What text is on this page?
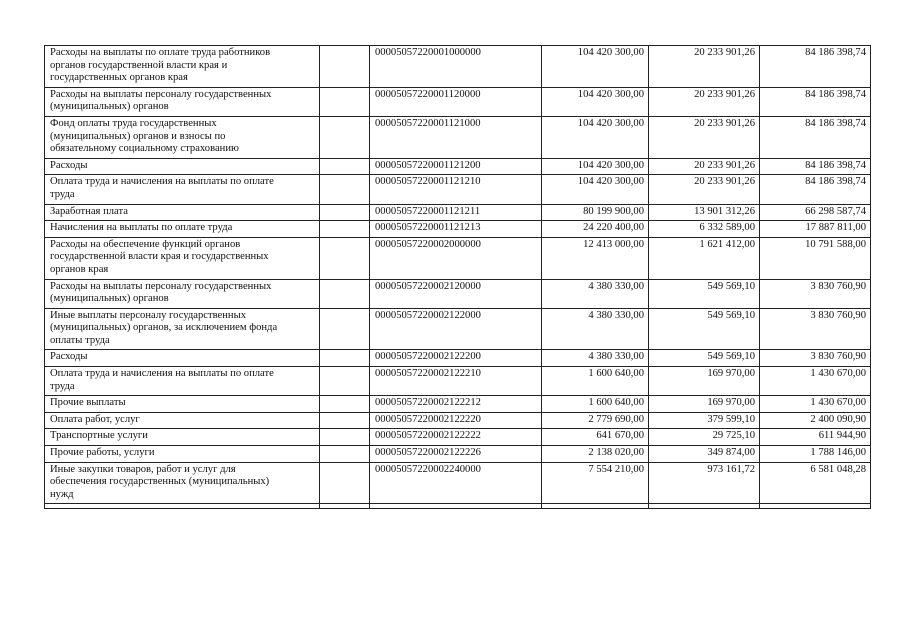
Расходы на выплаты по оплате труда работников органов государственной власти края и государственных органов края		00005057220001000000	104 420 300,00	20 233 901,26	84 186 398,74

Расходы на выплаты персоналу государственных (муниципальных) органов		00005057220001120000	104 420 300,00	20 233 901,26	84 186 398,74

Фонд оплаты труда государственных (муниципальных) органов и взносы по обязательному социальному страхованию		00005057220001121000	104 420 300,00	20 233 901,26	84 186 398,74

Расходы		00005057220001121200	104 420 300,00	20 233 901,26	84 186 398,74

Оплата труда и начисления на выплаты по оплате труда		00005057220001121210	104 420 300,00	20 233 901,26	84 186 398,74

Заработная плата		00005057220001121211	80 199 900,00	13 901 312,26	66 298 587,74

Начисления на выплаты по оплате труда		00005057220001121213	24 220 400,00	6 332 589,00	17 887 811,00

Расходы на обеспечение функций органов государственной власти края и государственных органов края		00005057220002000000	12 413 000,00	1 621 412,00	10 791 588,00

Расходы на выплаты персоналу государственных (муниципальных) органов		00005057220002120000	4 380 330,00	549 569,10	3 830 760,90

Иные выплаты персоналу государственных (муниципальных) органов, за исключением фонда оплаты труда		00005057220002122000	4 380 330,00	549 569,10	3 830 760,90

Расходы		00005057220002122200	4 380 330,00	549 569,10	3 830 760,90

Оплата труда и начисления на выплаты по оплате труда		00005057220002122210	1 600 640,00	169 970,00	1 430 670,00

Прочие выплаты		00005057220002122212	1 600 640,00	169 970,00	1 430 670,00

Оплата работ, услуг		00005057220002122220	2 779 690,00	379 599,10	2 400 090,90

Транспортные услуги		00005057220002122222	641 670,00	29 725,10	611 944,90

Прочие работы, услуги		00005057220002122226	2 138 020,00	349 874,00	1 788 146,00

Иные закупки товаров, работ и услуг для обеспечения государственных (муниципальных) нужд		00005057220002240000	7 554 210,00	973 161,72	6 581 048,28
